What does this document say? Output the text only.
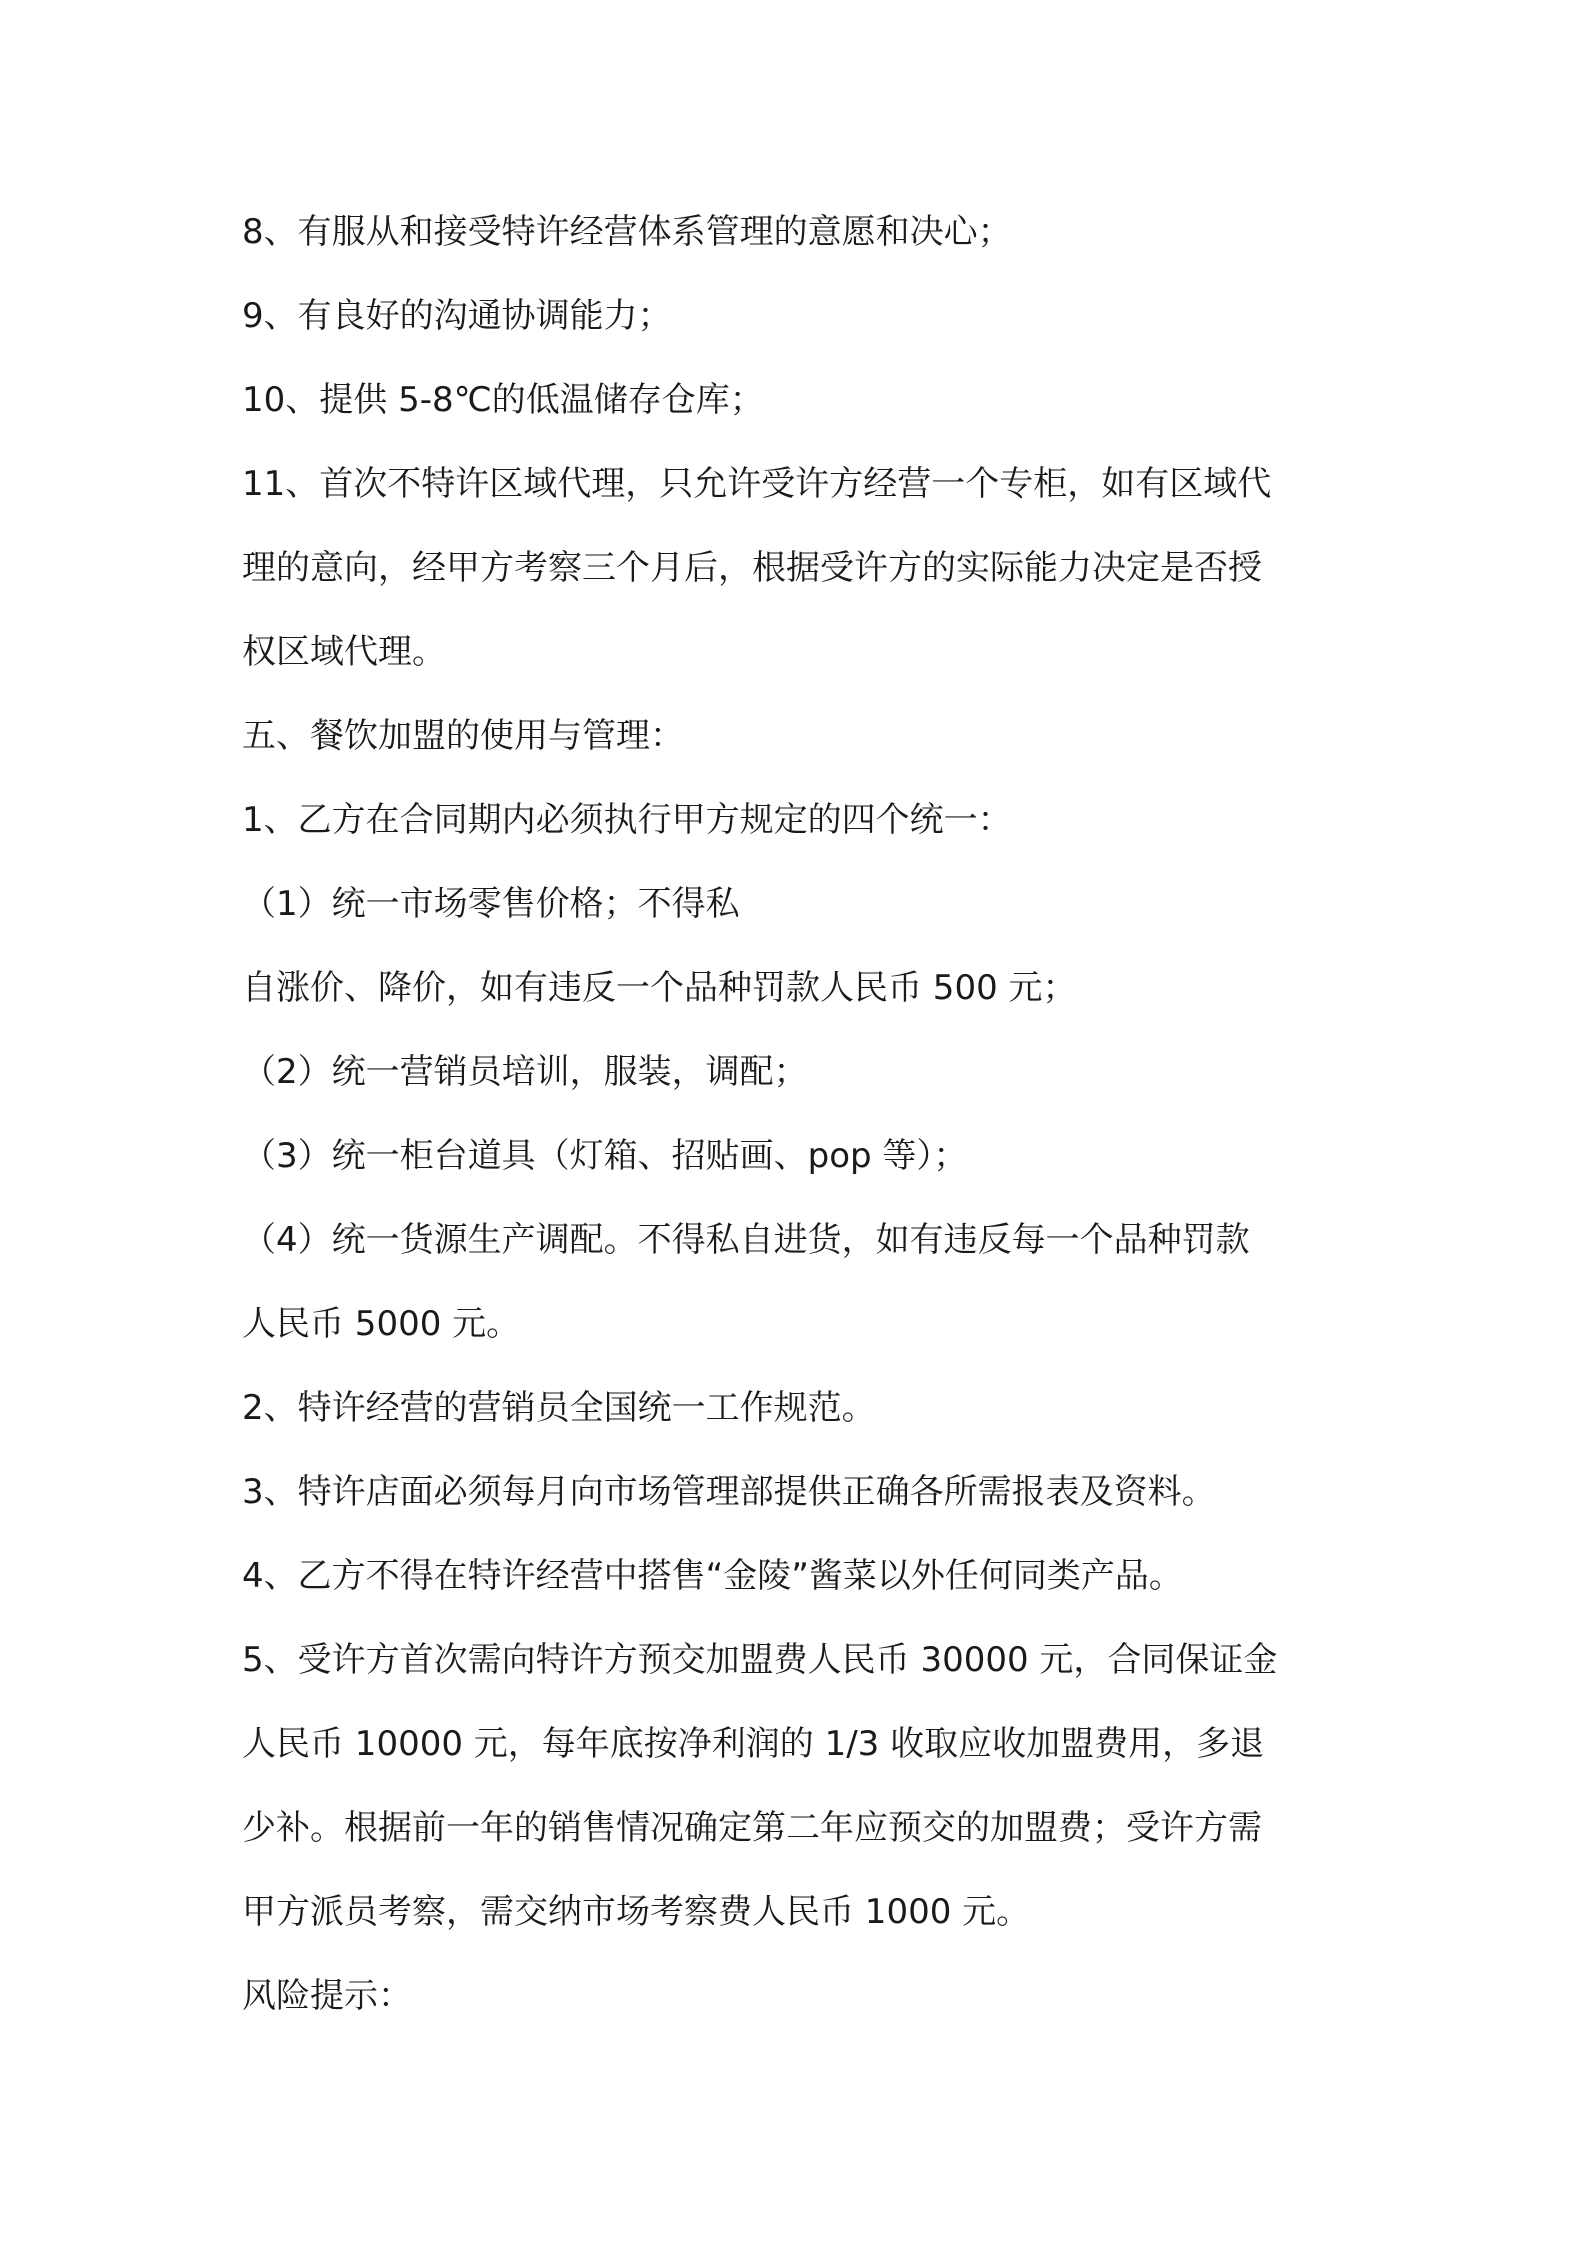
8、有服从和接受特许经营体系管理的意愿和决心；

9、有良好的沟通协调能力；

10、提供 5-8℃的低温储存仓库；

11、首次不特许区域代理，只允许受许方经营一个专柜，如有区域代

理的意向，经甲方考察三个月后，根据受许方的实际能力决定是否授

权区域代理。

五、餐饮加盟的使用与管理：

1、乙方在合同期内必须执行甲方规定的四个统一：

（1）统一市场零售价格；不得私

自涨价、降价，如有违反一个品种罚款人民币 500 元；

（2）统一营销员培训，服装，调配；

（3）统一柜台道具（灯箱、招贴画、pop 等）；

（4）统一货源生产调配。不得私自进货，如有违反每一个品种罚款

人民币 5000 元。

2、特许经营的营销员全国统一工作规范。

3、特许店面必须每月向市场管理部提供正确各所需报表及资料。

4、乙方不得在特许经营中搭售“金陵”酱菜以外任何同类产品。

5、受许方首次需向特许方预交加盟费人民币 30000 元，合同保证金

人民币 10000 元，每年底按净利润的 1/3 收取应收加盟费用，多退

少补。根据前一年的销售情况确定第二年应预交的加盟费；受许方需

甲方派员考察，需交纳市场考察费人民币 1000 元。

风险提示：
